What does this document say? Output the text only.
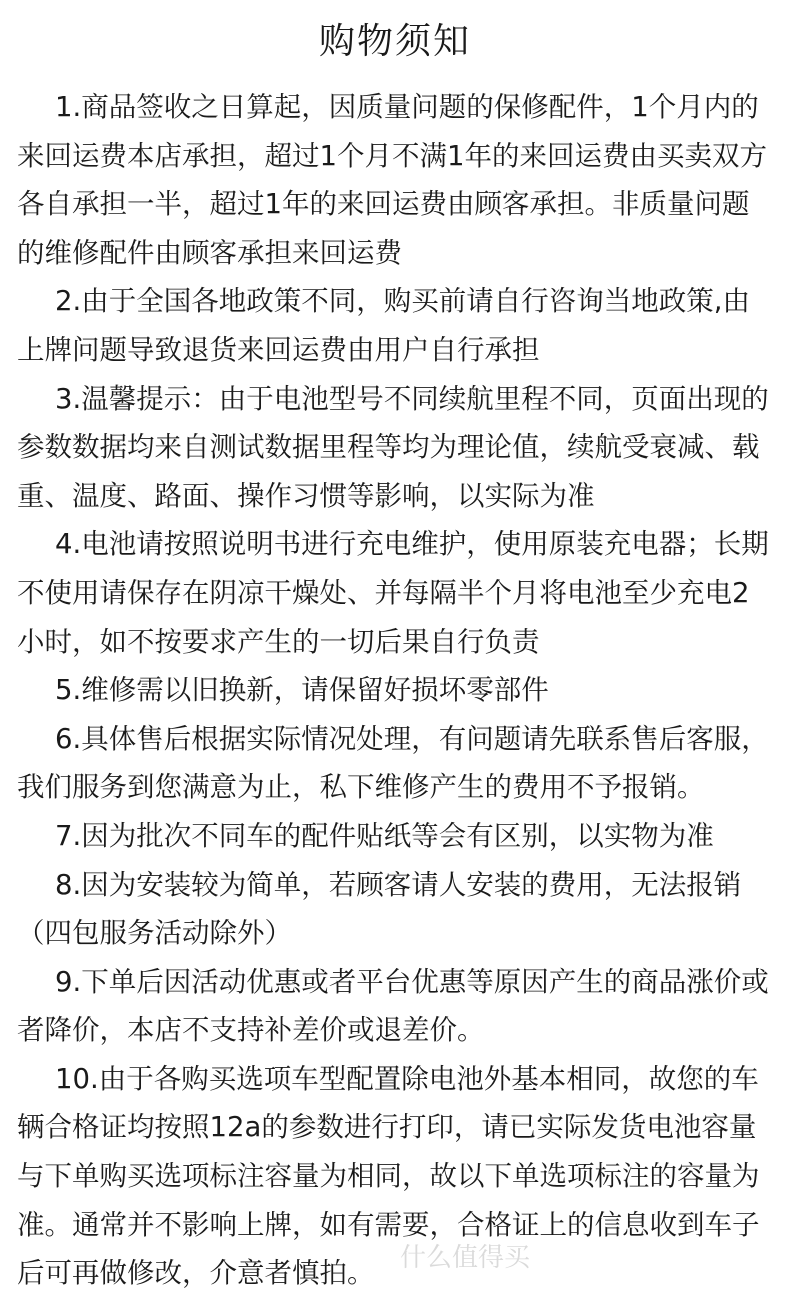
购物须知

1.商品签收之日算起，因质量问题的保修配件，1个月内的来回运费本店承担，超过1个月不满1年的来回运费由买卖双方各自承担一半，超过1年的来回运费由顾客承担。非质量问题的维修配件由顾客承担来回运费

2.由于全国各地政策不同，购买前请自行咨询当地政策,由上牌问题导致退货来回运费由用户自行承担

3.温馨提示：由于电池型号不同续航里程不同，页面出现的参数数据均来自测试数据里程等均为理论值，续航受衰减、载重、温度、路面、操作习惯等影响，以实际为准

4.电池请按照说明书进行充电维护，使用原装充电器；长期不使用请保存在阴凉干燥处、并每隔半个月将电池至少充电2小时，如不按要求产生的一切后果自行负责

5.维修需以旧换新，请保留好损坏零部件

6.具体售后根据实际情况处理，有问题请先联系售后客服，我们服务到您满意为止，私下维修产生的费用不予报销。

7.因为批次不同车的配件贴纸等会有区别，以实物为准

8.因为安装较为简单，若顾客请人安装的费用，无法报销（四包服务活动除外）

9.下单后因活动优惠或者平台优惠等原因产生的商品涨价或者降价，本店不支持补差价或退差价。

10.由于各购买选项车型配置除电池外基本相同，故您的车辆合格证均按照12a的参数进行打印，请已实际发货电池容量与下单购买选项标注容量为相同，故以下单选项标注的容量为准。通常并不影响上牌，如有需要，合格证上的信息收到车子后可再做修改，介意者慎拍。 什么值得买
